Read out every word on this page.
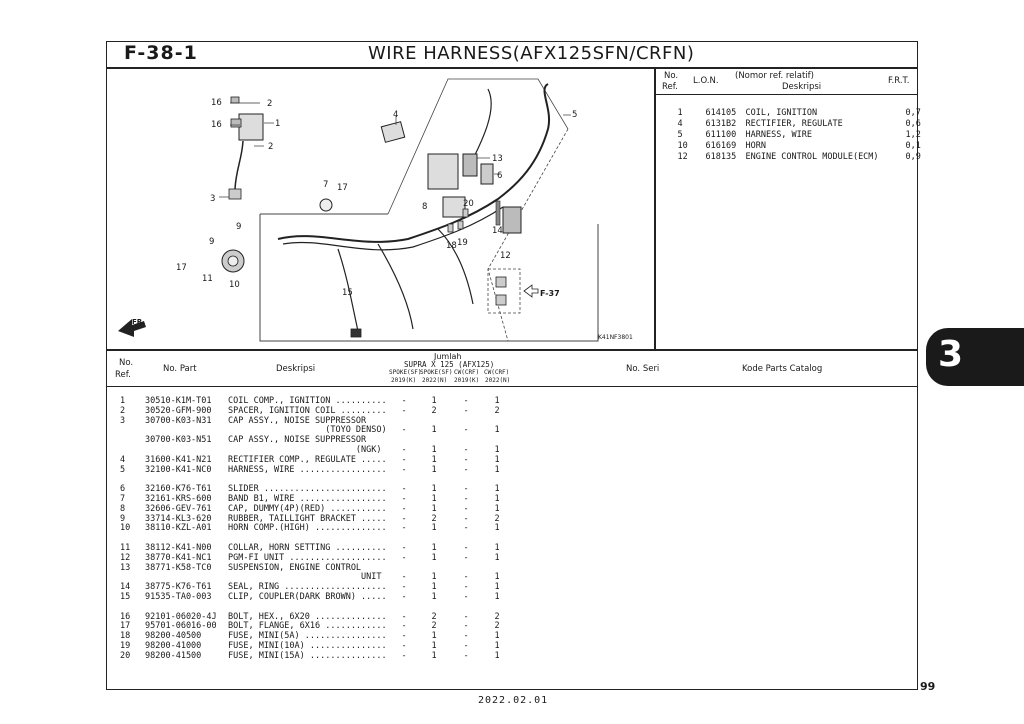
F-38-1	WIRE HARNESS(AFX125SFN/CRFN)
16	2
16	1
2
3
4	5
13
6
7 17
8	20
9
9
17
11
10
15
18 19
14
12
FR.
F-37
K41NF3801
No.
Ref.
L.O.N. (Nomor ref. relatif)
Deskripsi
F.R.T.

1	614105 COIL, IGNITION	0,7

4	6131B2 RECTIFIER, REGULATE	0,6

5	611100 HARNESS, WIRE	1,2

10 616169 HORN	0,1

12 618135 ENGINE CONTROL MODULE(ECM)	0,9

No.
Ref.
No. Part	Deskripsi
Jumlah
SUPRA X 125 (AFX125)
SPOKE(SF)
SPOKE(SF) CW(CRF) CW(CRF)
2019(K) 2022(N) 2019(K) 2022(N)
No. Seri	Kode Parts Catalog
1 30510-K1M-T01 COIL COMP., IGNITION ..........	-	1	-	1
2 30520-GFM-900 SPACER, IGNITION COIL .........	-	2	-	2
3 30700-K03-N31 CAP ASSY., NOISE SUPPRESSOR
(TOYO DENSO)	-	1	-	1
30700-K03-N51 CAP ASSY., NOISE SUPPRESSOR
(NGK)	-	1	-	1
4 31600-K41-N21 RECTIFIER COMP., REGULATE .....	-	1	-	1
5 32100-K41-NC0 HARNESS, WIRE .................	-	1	-	1
6 32160-K76-T61 SLIDER ........................	-	1	-	1
7 32161-KRS-600 BAND B1, WIRE .................	-	1	-	1
8 32606-GEV-761 CAP, DUMMY(4P)(RED) ...........	-	1	-	1
9 33714-KL3-620 RUBBER, TAILLIGHT BRACKET .....	-	2	-	2
10 38110-KZL-A01 HORN COMP.(HIGH) ..............	-	1	-	1
11 38112-K41-N00 COLLAR, HORN SETTING ..........	-	1	-	1
12 38770-K41-NC1 PGM-FI UNIT ...................	-	1	-	1
13 38771-K58-TC0 SUSPENSION, ENGINE CONTROL
UNIT	-	1	-	1
14 38775-K76-T61 SEAL, RING ....................	-	1	-	1
15 91535-TA0-003 CLIP, COUPLER(DARK BROWN) .....	-	1	-	1
16 92101-06020-4J BOLT, HEX., 6X20 ..............	-	2	-	2
17 95701-06016-00 BOLT, FLANGE, 6X16 ............	-	2	-	2
18 98200-40500	FUSE, MINI(5A) ................	-	1	-	1
19 98200-41000	FUSE, MINI(10A) ...............	-	1	-	1
20 98200-41500	FUSE, MINI(15A) ...............	-	1	-	1
3
99
2022.02.01
